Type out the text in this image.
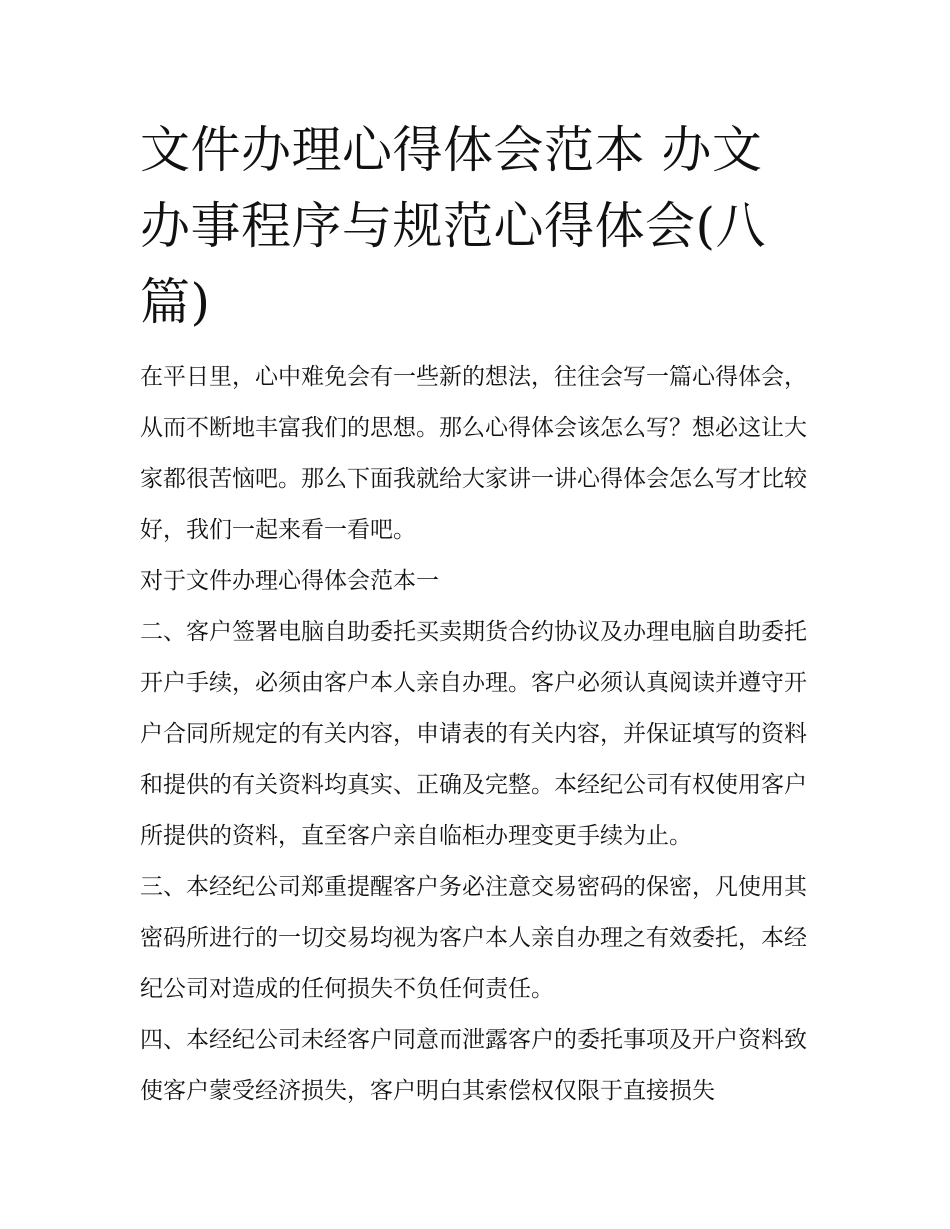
文件办理心得体会范本 办文办事程序与规范心得体会(八篇)

在平日里，心中难免会有一些新的想法，往往会写一篇心得体会，从而不断地丰富我们的思想。那么心得体会该怎么写？想必这让大家都很苦恼吧。那么下面我就给大家讲一讲心得体会怎么写才比较好，我们一起来看一看吧。

对于文件办理心得体会范本一

二、客户签署电脑自助委托买卖期货合约协议及办理电脑自助委托开户手续，必须由客户本人亲自办理。客户必须认真阅读并遵守开户合同所规定的有关内容，申请表的有关内容，并保证填写的资料和提供的有关资料均真实、正确及完整。本经纪公司有权使用客户所提供的资料，直至客户亲自临柜办理变更手续为止。

三、本经纪公司郑重提醒客户务必注意交易密码的保密，凡使用其密码所进行的一切交易均视为客户本人亲自办理之有效委托，本经纪公司对造成的任何损失不负任何责任。

四、本经纪公司未经客户同意而泄露客户的委托事项及开户资料致使客户蒙受经济损失，客户明白其索偿权仅限于直接损失
